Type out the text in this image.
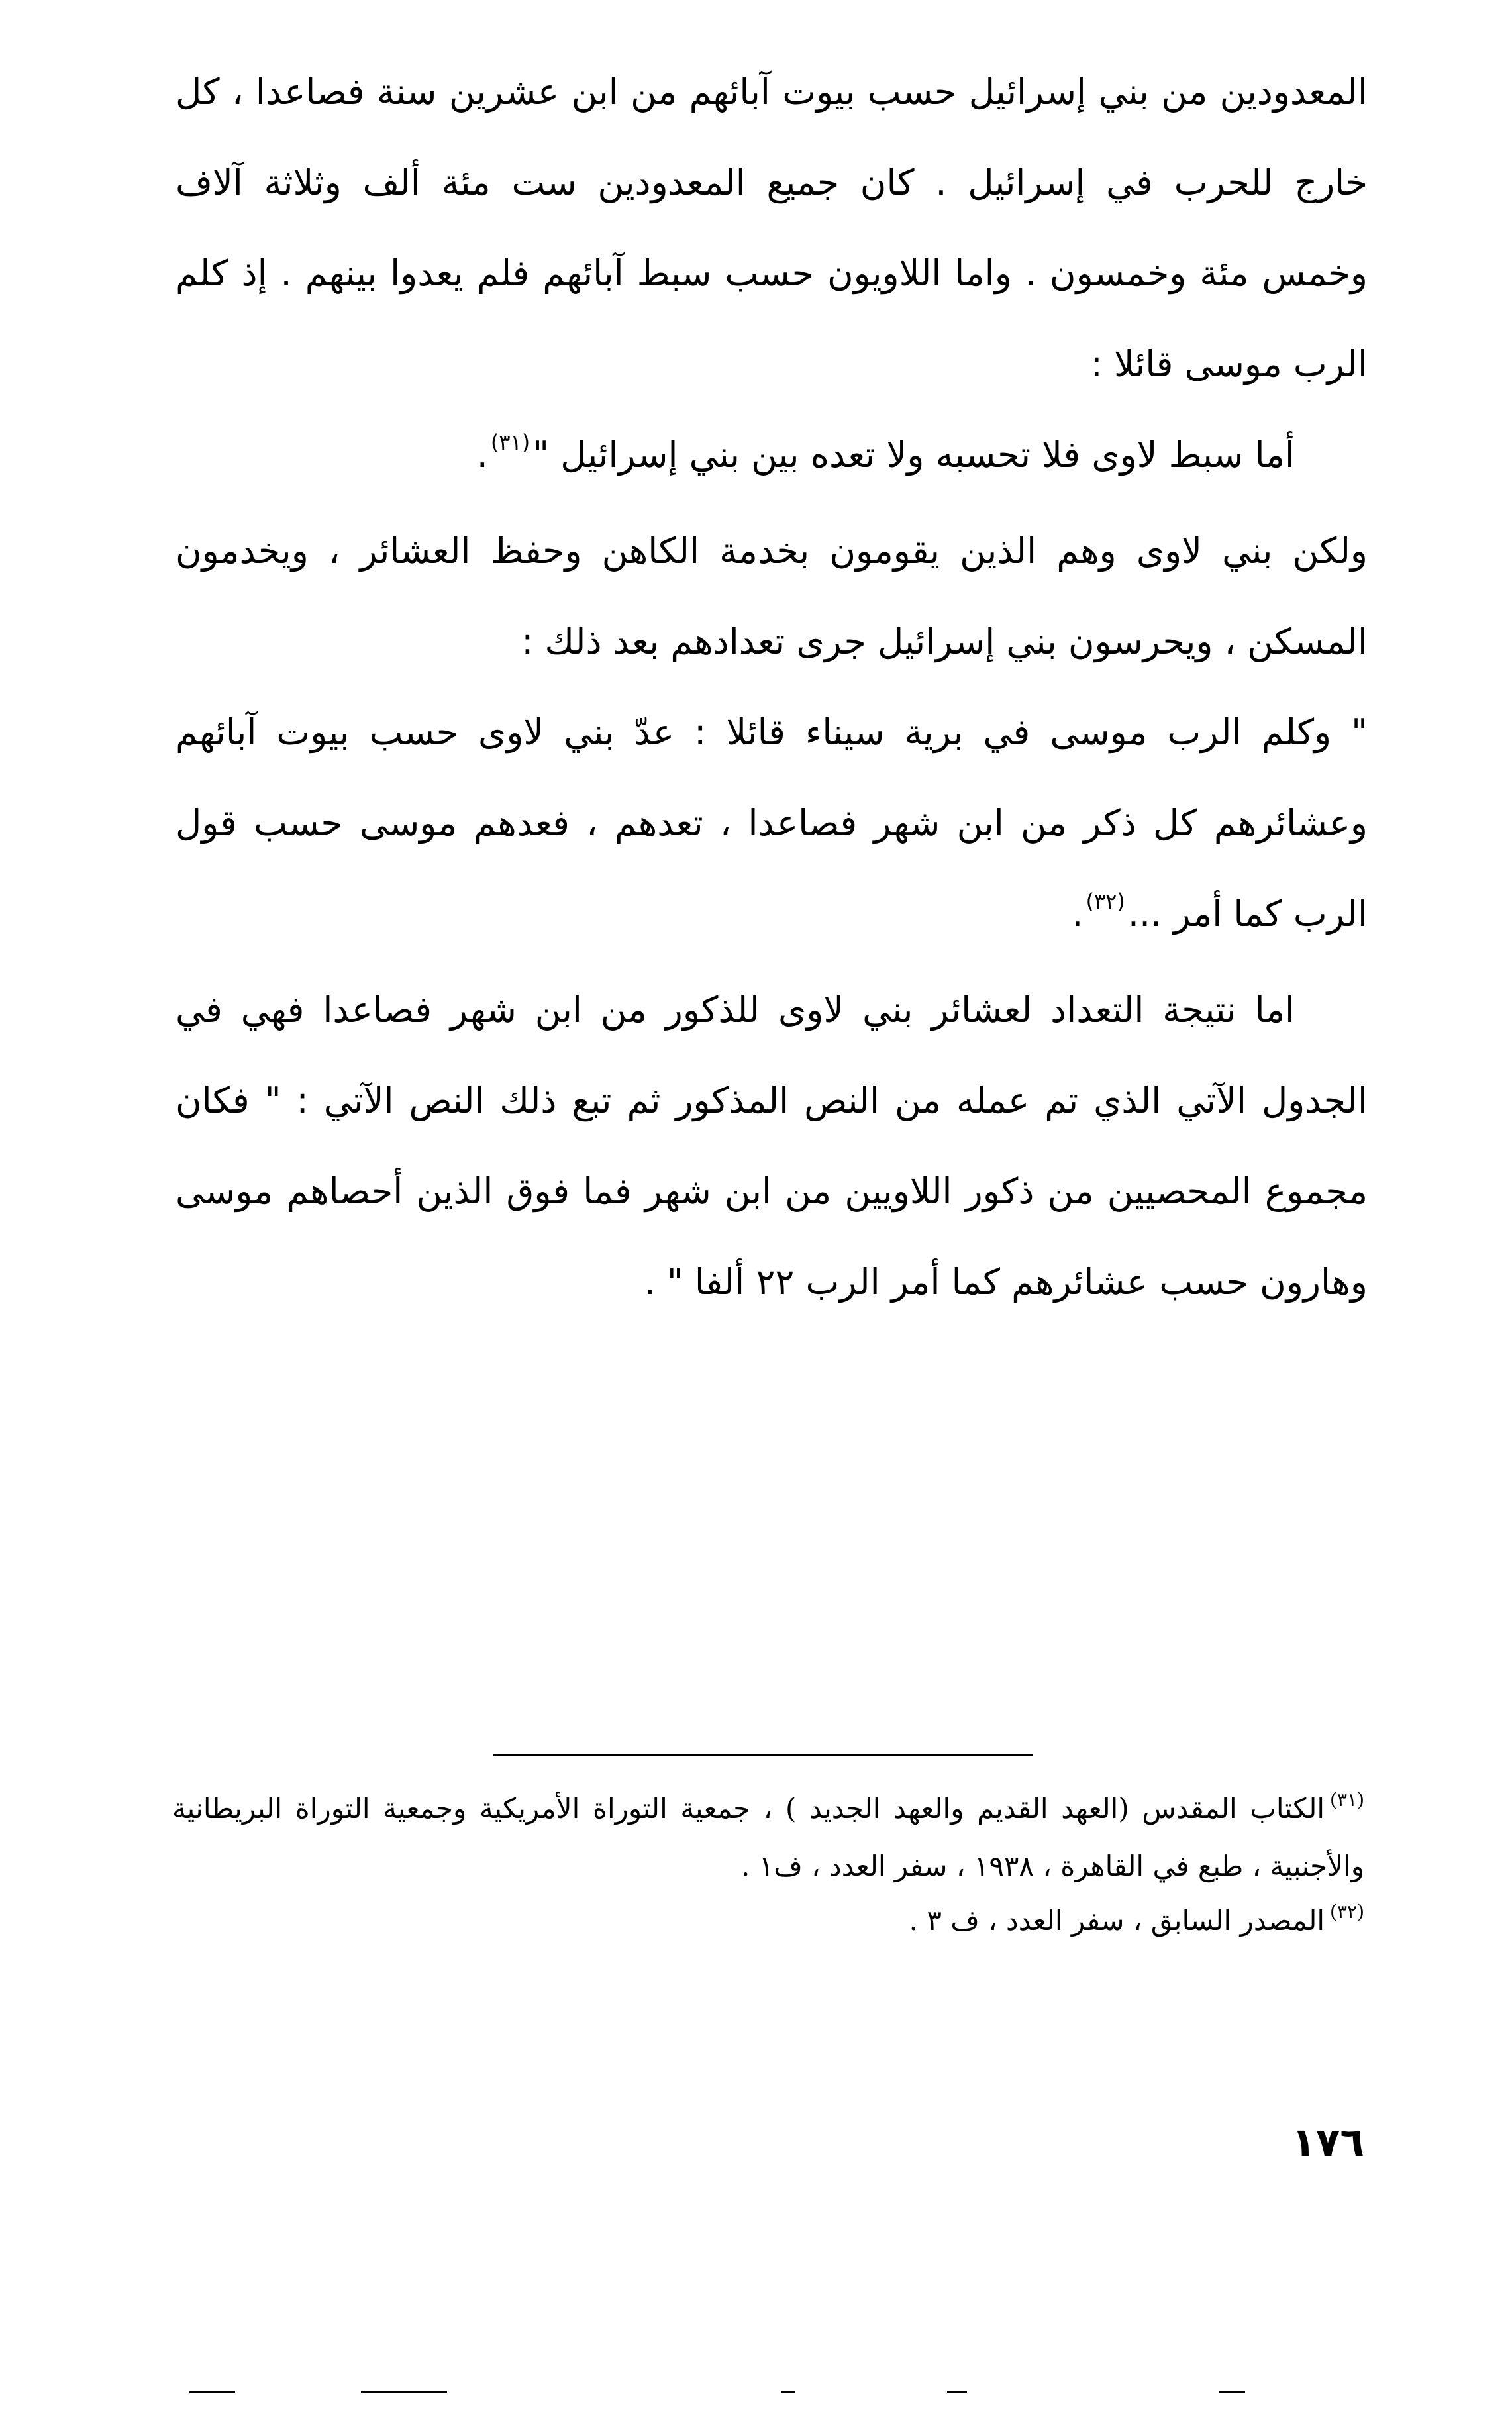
المعدودين من بني إسرائيل حسب بيوت آبائهم من ابن عشرين سنة فصاعدا ، كل خارج للحرب في إسرائيل . كان جميع المعدودين ست مئة ألف وثلاثة آلاف وخمس مئة وخمسون . واما اللاويون حسب سبط آبائهم فلم يعدوا بينهم . إذ كلم الرب موسى قائلا :

أما سبط لاوى فلا تحسبه ولا تعده بين بني إسرائيل "$^{(٣١)}$.

ولكن بني لاوى وهم الذين يقومون بخدمة الكاهن وحفظ العشائر ، ويخدمون المسكن ، ويحرسون بني إسرائيل جرى تعدادهم بعد ذلك :

" وكلم الرب موسى في برية سيناء قائلا : عدّ بني لاوى حسب بيوت آبائهم وعشائرهم كل ذكر من ابن شهر فصاعدا ، تعدهم ، فعدهم موسى حسب قول الرب كما أمر ...$^{(٣٢)}$.

اما نتيجة التعداد لعشائر بني لاوى للذكور من ابن شهر فصاعدا فهي في الجدول الآتي الذي تم عمله من النص المذكور ثم تبع ذلك النص الآتي : " فكان مجموع المحصيين من ذكور اللاويين من ابن شهر فما فوق الذين أحصاهم موسى وهارون حسب عشائرهم كما أمر الرب ٢٢ ألفا " .

$^{(٣١)}$الكتاب المقدس (العهد القديم والعهد الجديد ) ، جمعية التوراة الأمريكية وجمعية التوراة البريطانية والأجنبية ، طبع في القاهرة ، ١٩٣٨ ، سفر العدد ، ف١ .

$^{(٣٢)}$المصدر السابق ، سفر العدد ، ف ٣ .

١٧٦
